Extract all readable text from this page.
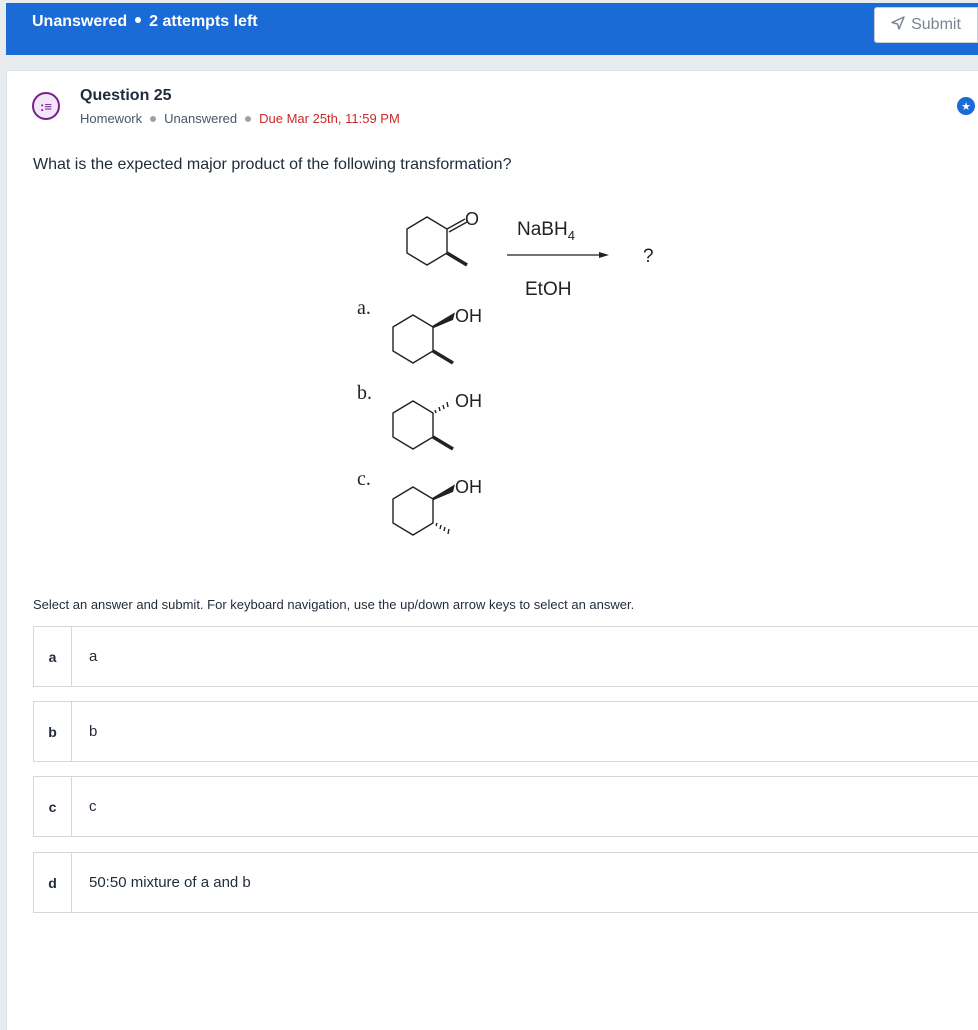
Unanswered 2 attempts left	Submit
:≡
Question 25
Homework Unanswered Due Mar 25th, 11:59 PM
★
What is the expected major product of the following transformation?
O NaBH$_4$
EtOH
?
a.	OH
b.	OH
c.	OH
Select an answer and submit. For keyboard navigation, use the up/down arrow keys to select an answer.
a	a
b	b
c	c
d	50:50 mixture of a and b
